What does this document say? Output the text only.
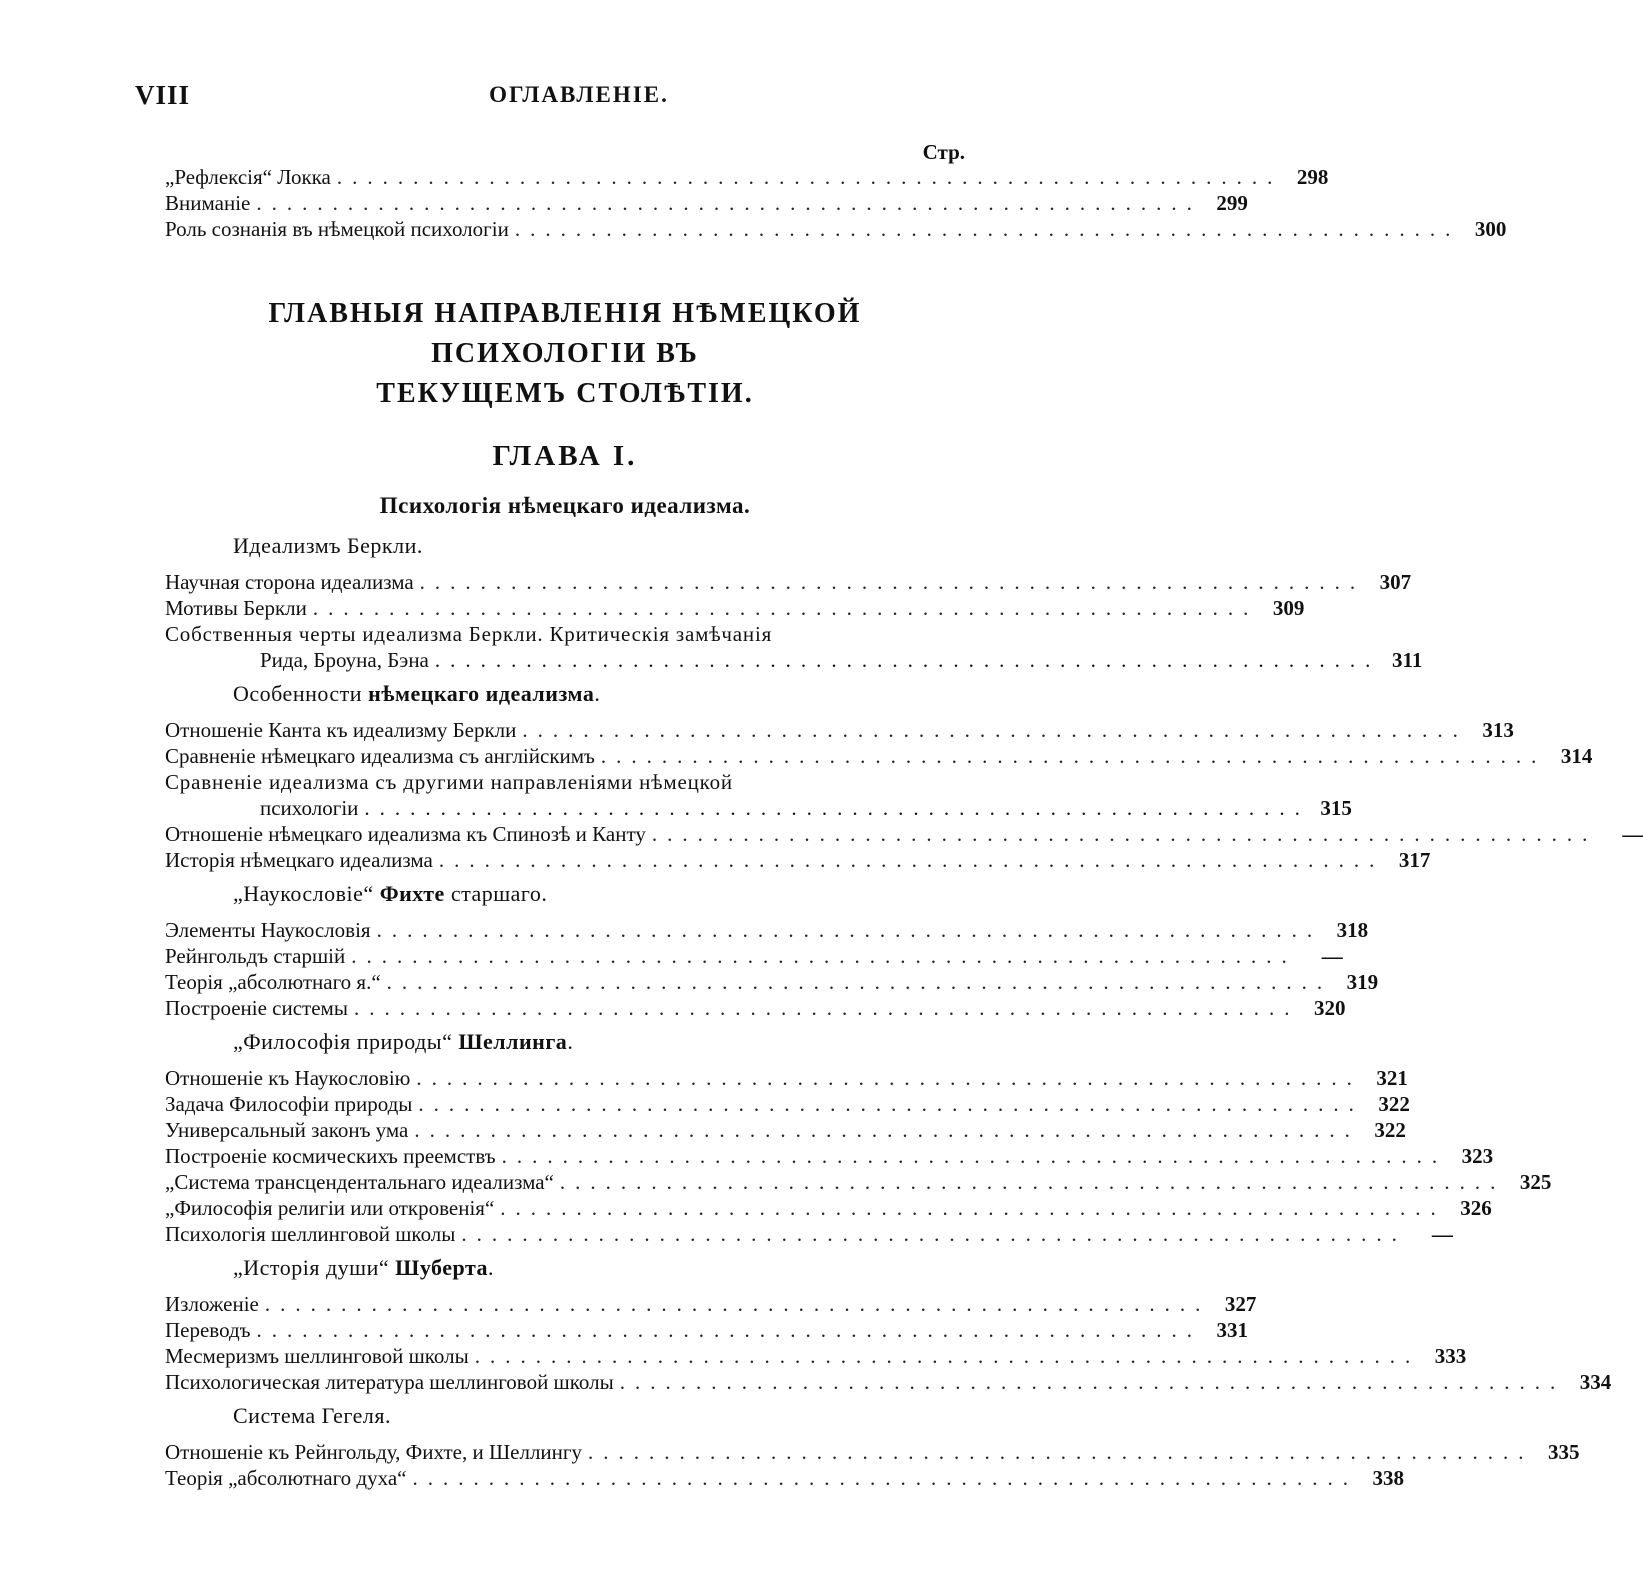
VIII	ОГЛАВЛЕНІЕ.
Стр.
„Рефлексія“ Локка .............................................................. 298
Вниманіе .............................................................. 299
Роль сознанія въ нѣмецкой психологіи .............................................................. 300
ГЛАВНЫЯ НАПРАВЛЕНІЯ НѢМЕЦКОЙ ПСИХОЛОГІИ ВЪ
ТЕКУЩЕМЪ СТОЛѢТІИ.
ГЛАВА I.
Психологія нѣмецкаго идеализма.
Идеализмъ Беркли.
Научная сторона идеализма .............................................................. 307
Мотивы Беркли .............................................................. 309
Собственныя черты идеализма Беркли. Критическія замѣчанія
Рида, Броуна, Бэна .............................................................. 311
Особенности нѣмецкаго идеализма.
Отношеніе Канта къ идеализму Беркли .............................................................. 313
Сравненіе нѣмецкаго идеализма съ англійскимъ .............................................................. 314
Сравненіе идеализма съ другими направленіями нѣмецкой
психологіи .............................................................. 315
Отношеніе нѣмецкаго идеализма къ Спинозѣ и Канту ..............................................................	—
Исторія нѣмецкаго идеализма .............................................................. 317
„Наукословіе“ Фихте старшаго.
Элементы Наукословія .............................................................. 318
Рейнгольдъ старшій ..............................................................	—
Теорія „абсолютнаго я.“ .............................................................. 319
Построеніе системы .............................................................. 320
„Философія природы“ Шеллинга.
Отношеніе къ Наукословію .............................................................. 321
Задача Философіи природы .............................................................. 322
Универсальный законъ ума .............................................................. 322
Построеніе космическихъ преемствъ .............................................................. 323
„Система трансцендентальнаго идеализма“ .............................................................. 325
„Философія религіи или откровенія“ .............................................................. 326
Психологія шеллинговой школы ..............................................................	—
„Исторія души“ Шуберта.
Изложеніе .............................................................. 327
Переводъ .............................................................. 331
Месмеризмъ шеллинговой школы .............................................................. 333
Психологическая литература шеллинговой школы .............................................................. 334
Система Гегеля.
Отношеніе къ Рейнгольду, Фихте, и Шеллингу .............................................................. 335
Теорія „абсолютнаго духа“ .............................................................. 338
